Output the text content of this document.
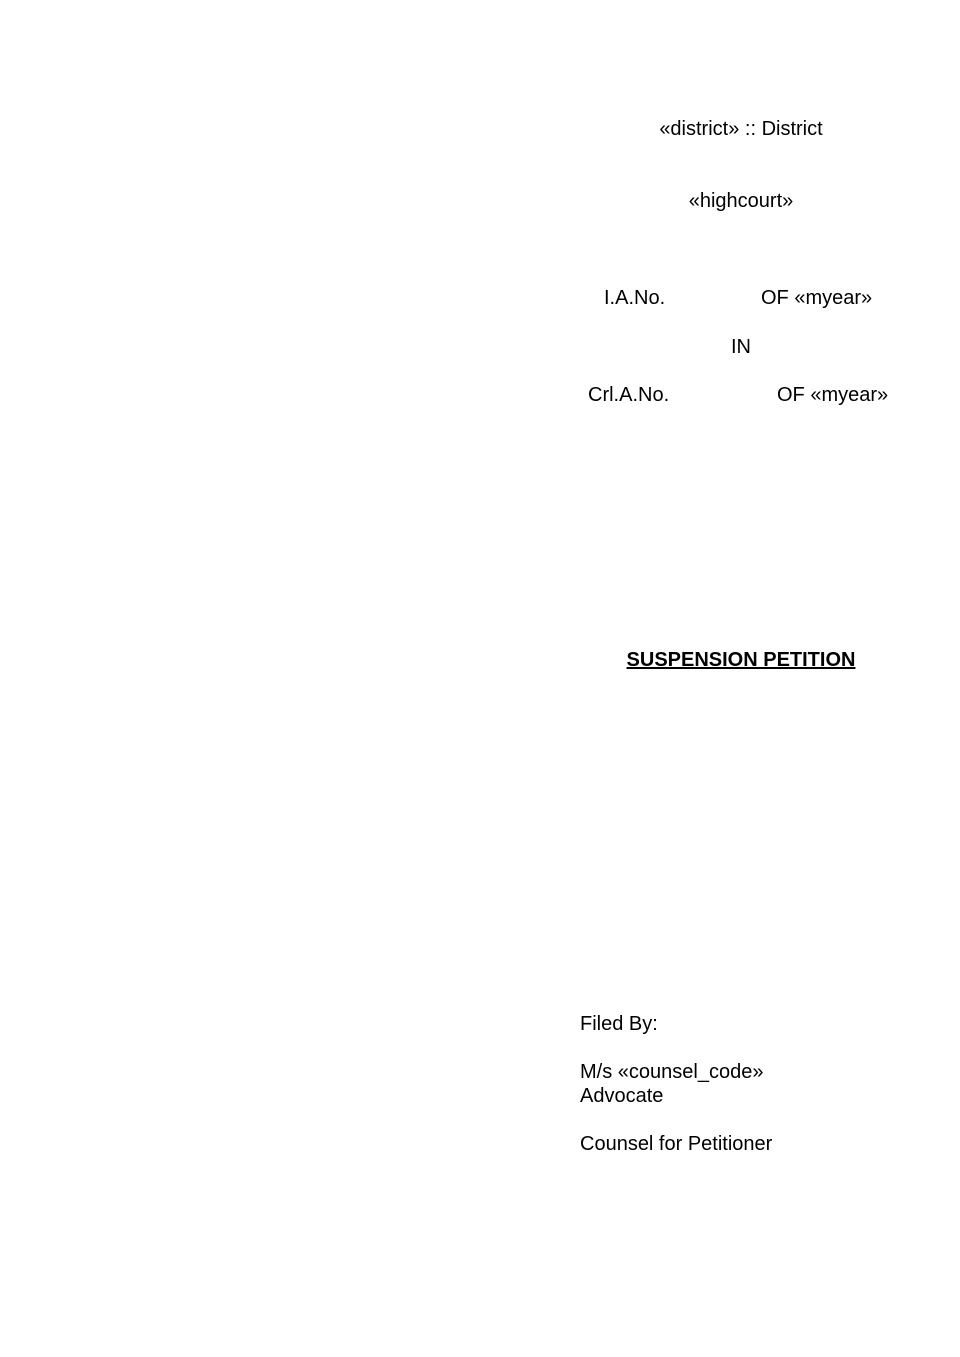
«district» :: District
«highcourt»
I.A.No.	OF «myear»
IN
Crl.A.No.	OF «myear»
SUSPENSION PETITION
Filed By:
M/s «counsel_code»
Advocate
Counsel for Petitioner
